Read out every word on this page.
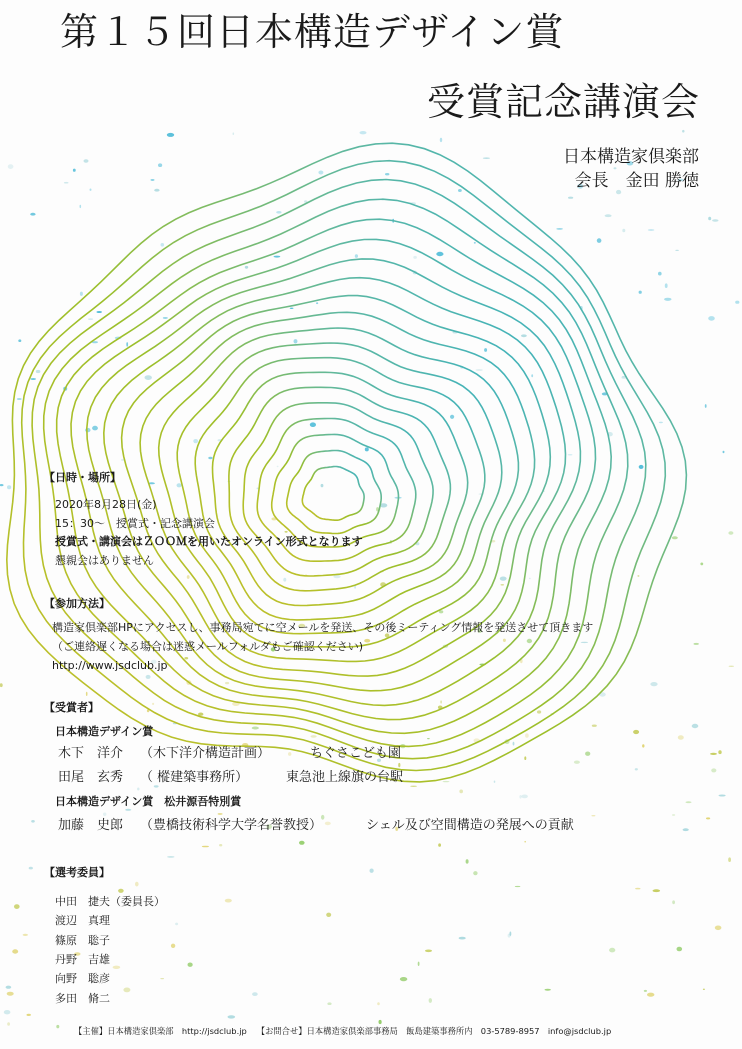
第１５回日本構造デザイン賞
受賞記念講演会
日本構造家倶楽部
会長　金田 勝徳
【日時・場所】
2020年8月28日(金)
15：30～　授賞式・記念講演会
授賞式・講演会はＺＯＯＭを用いたオンライン形式となります
懇親会はありません
【参加方法】
構造家倶楽部HPにアクセスし、事務局宛てに空メールを発送、その後ミーティング情報を発送させて頂きます
（ご連絡遅くなる場合は迷惑メールフォルダもご確認ください)
http://www.jsdclub.jp
【受賞者】
日本構造デザイン賞
木下　洋介 （木下洋介構造計画）	ちぐさこども園
田尾　玄秀 （ 樅建築事務所）	東急池上線旗の台駅
日本構造デザイン賞　松井源吾特別賞
加藤　史郎 （豊橋技術科学大学名誉教授）	シェル及び空間構造の発展への貢献
【選考委員】
中田　捷夫（委員長）
渡辺　真理
篠原　聡子
丹野　吉雄
向野　聡彦
多田　脩二
【主催】日本構造家倶楽部　http://jsdclub.jp 【お問合せ】日本構造家倶楽部事務局　飯島建築事務所内　03-5789-8957　info@jsdclub.jp
